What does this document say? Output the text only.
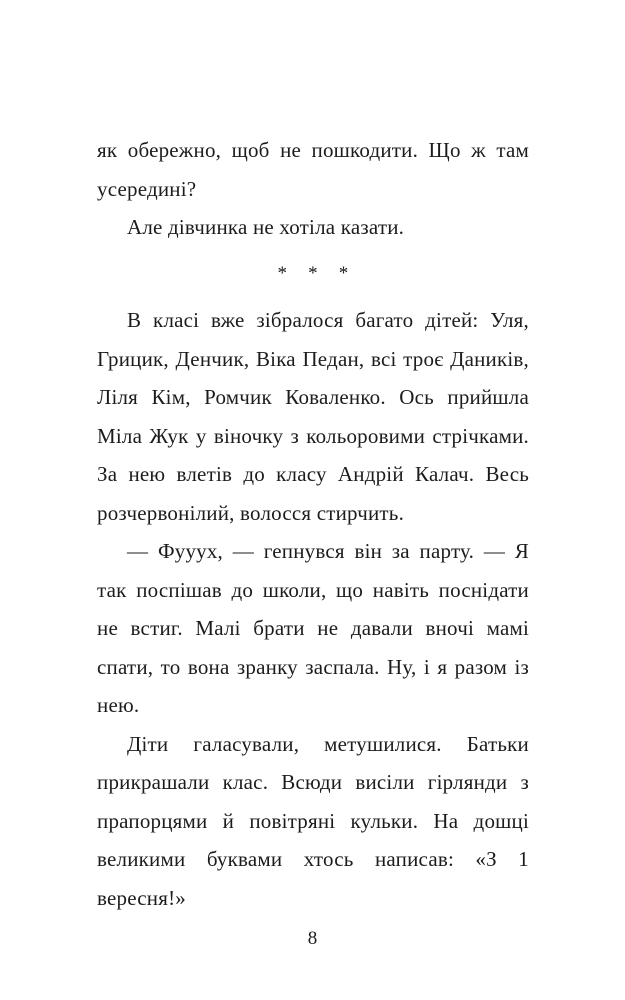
як обережно, щоб не пошкодити. Що ж там усередині?

Але дівчинка не хотіла казати.

* * *

В класі вже зібралося багато дітей: Уля, Грицик, Денчик, Віка Педан, всі троє Даників, Ліля Кім, Ромчик Коваленко. Ось прийшла Міла Жук у віночку з кольоровими стрічками. За нею влетів до класу Андрій Калач. Весь розчервонілий, волосся стирчить.

— Фууух, — гепнувся він за парту. — Я так поспішав до школи, що навіть поснідати не встиг. Малі брати не давали вночі мамі спати, то вона зранку заспала. Ну, і я разом із нею.

Діти галасували, метушилися. Батьки прикрашали клас. Всюди висіли гірлянди з прапорцями й повітряні кульки. На дошці великими буквами хтось написав: «З 1 вересня!»

8
